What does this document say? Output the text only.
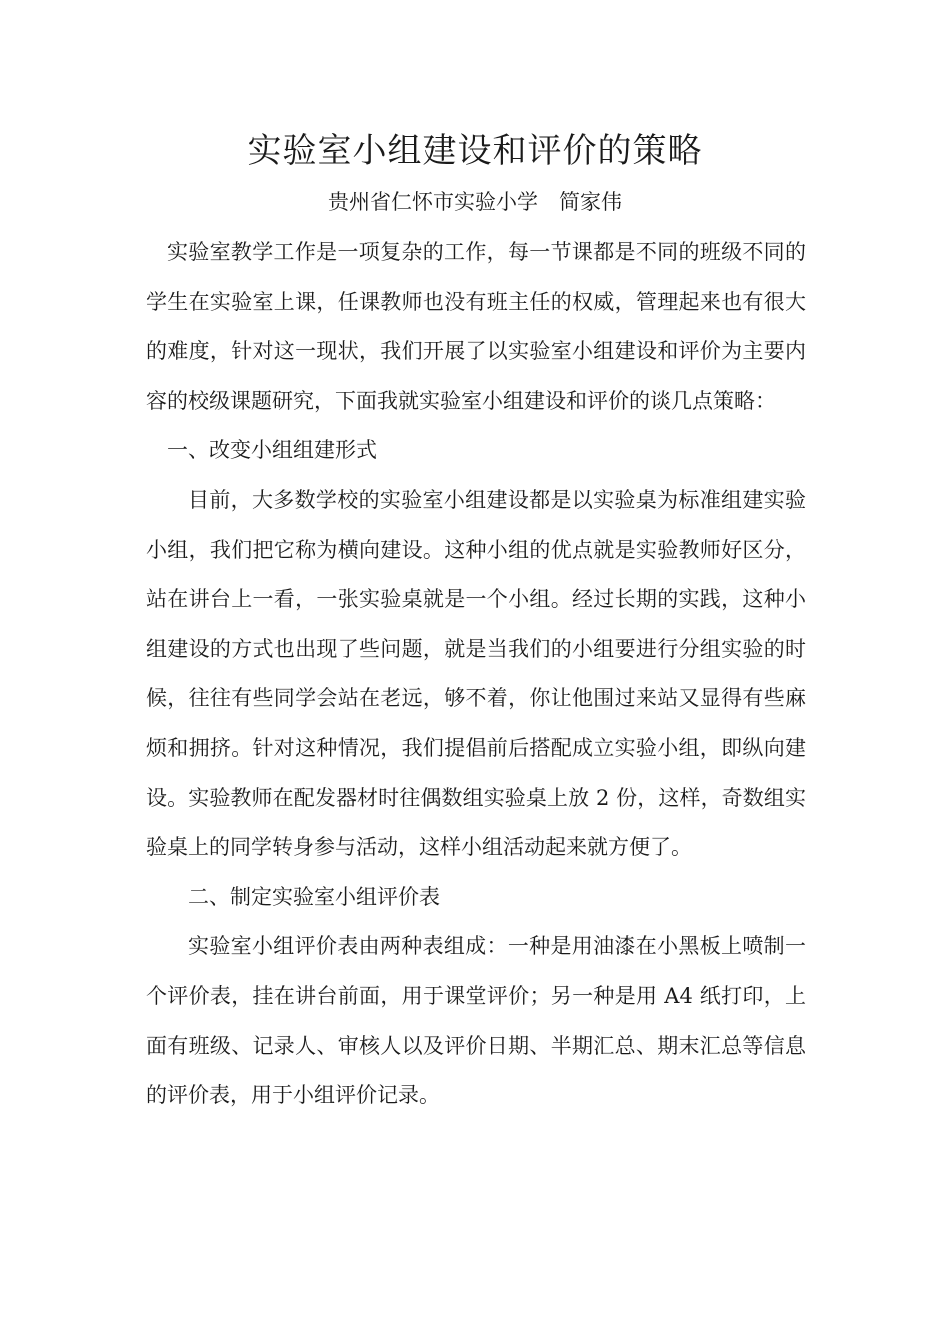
实验室小组建设和评价的策略
贵州省仁怀市实验小学　简家伟

实验室教学工作是一项复杂的工作，每一节课都是不同的班级不同的学生在实验室上课，任课教师也没有班主任的权威，管理起来也有很大的难度，针对这一现状，我们开展了以实验室小组建设和评价为主要内容的校级课题研究，下面我就实验室小组建设和评价的谈几点策略：

一、改变小组组建形式

目前，大多数学校的实验室小组建设都是以实验桌为标准组建实验小组，我们把它称为横向建设。这种小组的优点就是实验教师好区分，站在讲台上一看，一张实验桌就是一个小组。经过长期的实践，这种小组建设的方式也出现了些问题，就是当我们的小组要进行分组实验的时候，往往有些同学会站在老远，够不着，你让他围过来站又显得有些麻烦和拥挤。针对这种情况，我们提倡前后搭配成立实验小组，即纵向建设。实验教师在配发器材时往偶数组实验桌上放 2 份，这样，奇数组实验桌上的同学转身参与活动，这样小组活动起来就方便了。

二、制定实验室小组评价表

实验室小组评价表由两种表组成：一种是用油漆在小黑板上喷制一个评价表，挂在讲台前面，用于课堂评价；另一种是用 A4 纸打印，上面有班级、记录人、审核人以及评价日期、半期汇总、期末汇总等信息的评价表，用于小组评价记录。
